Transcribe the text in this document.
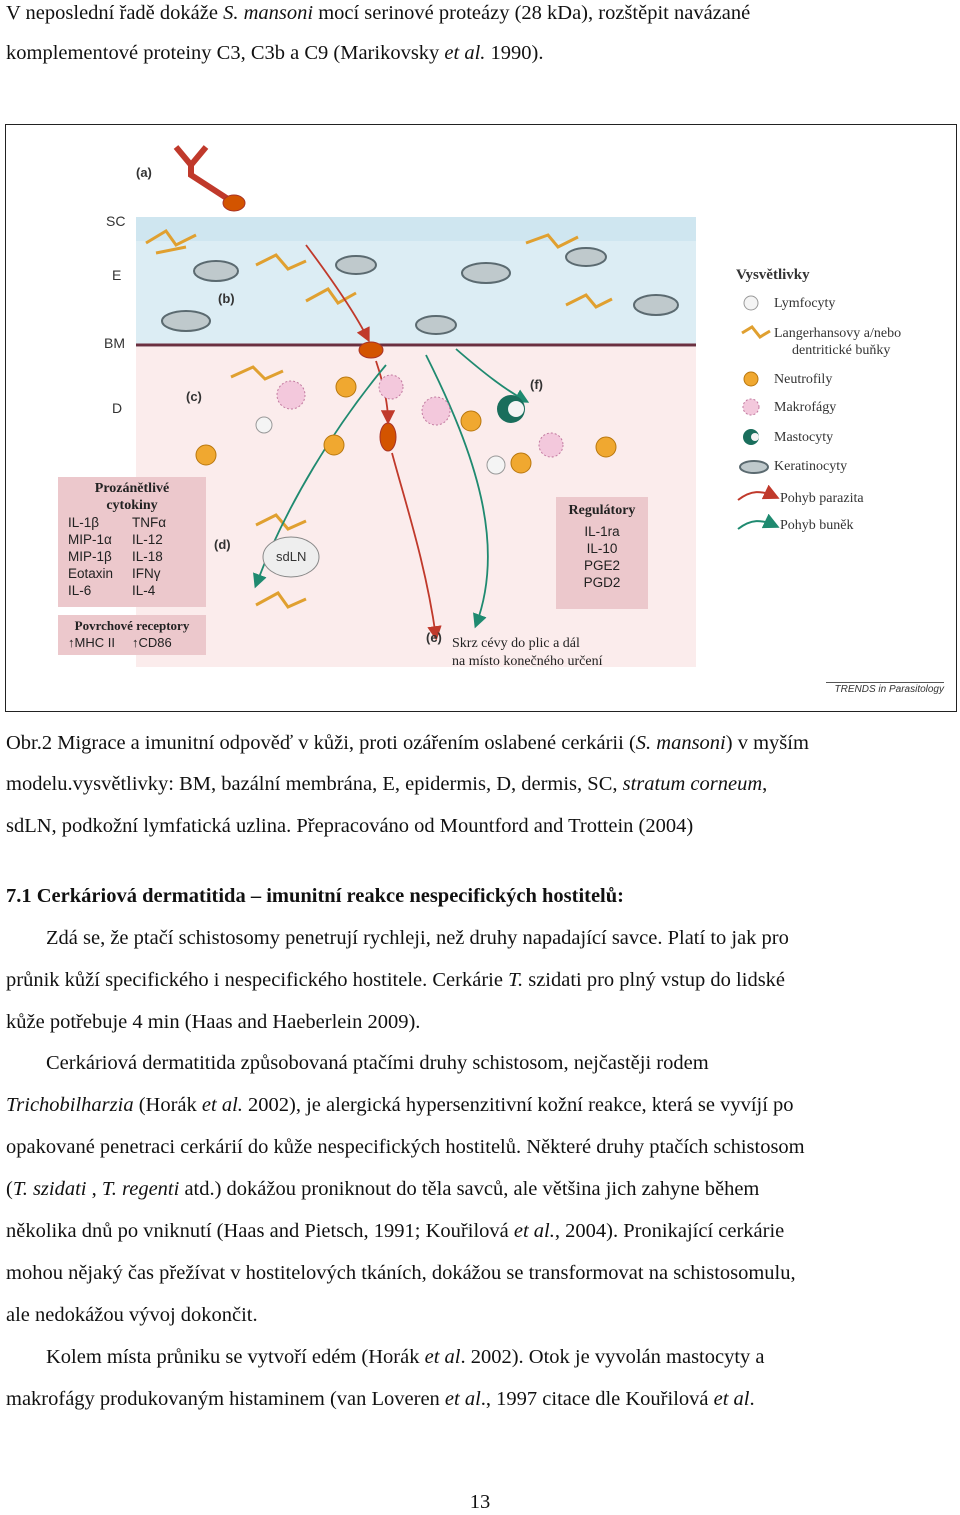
V neposlední řadě dokáže S. mansoni mocí serinové proteázy (28 kDa), rozštěpit navázané
komplementové proteiny C3, C3b a C9 (Marikovsky et al. 1990).
SC
E
BM
D
(a)
(b)
(c)
(d)
(e)
(f)
sdLN
Prozánětlivé
cytokiny
IL-1β	TNFα
MIP-1α	IL-12
MIP-1β	IL-18
Eotaxin	IFNγ
IL-6	IL-4
Povrchové receptory
↑MHC II	↑CD86
Regulátory
IL-1ra
IL-10
PGE2
PGD2
Skrz cévy do plic a dál
na místo konečného určení
Vysvětlivky
Lymfocyty
Langerhansovy a/nebo
dentritické buňky
Neutrofily
Makrofágy
Mastocyty
Keratinocyty
Pohyb parazita
Pohyb buněk
TRENDS in Parasitology
Obr.2 Migrace a imunitní odpověď v kůži, proti ozářením oslabené cerkárii (S. mansoni) v myším
modelu.vysvětlivky: BM, bazální membrána, E, epidermis, D, dermis, SC, stratum corneum,
sdLN, podkožní lymfatická uzlina. Přepracováno od Mountford and Trottein (2004)
7.1 Cerkáriová dermatitida – imunitní reakce nespecifických hostitelů:
Zdá se, že ptačí schistosomy penetrují rychleji, než druhy napadající savce. Platí to jak pro
průnik kůží specifického i nespecifického hostitele. Cerkárie T. szidati pro plný vstup do lidské
kůže potřebuje 4 min (Haas and Haeberlein 2009).
Cerkáriová dermatitida způsobovaná ptačími druhy schistosom, nejčastěji rodem
Trichobilharzia (Horák et al. 2002), je alergická hypersenzitivní kožní reakce, která se vyvíjí po
opakované penetraci cerkárií do kůže nespecifických hostitelů. Některé druhy ptačích schistosom
(T. szidati , T. regenti atd.) dokážou proniknout do těla savců, ale většina jich zahyne během
několika dnů po vniknutí (Haas and Pietsch, 1991; Kouřilová et al., 2004). Pronikající cerkárie
mohou nějaký čas přežívat v hostitelových tkáních, dokážou se transformovat na schistosomulu,
ale nedokážou vývoj dokončit.
Kolem místa průniku se vytvoří edém (Horák et al. 2002). Otok je vyvolán mastocyty a
makrofágy produkovaným histaminem (van Loveren et al., 1997 citace dle Kouřilová et al.
13
